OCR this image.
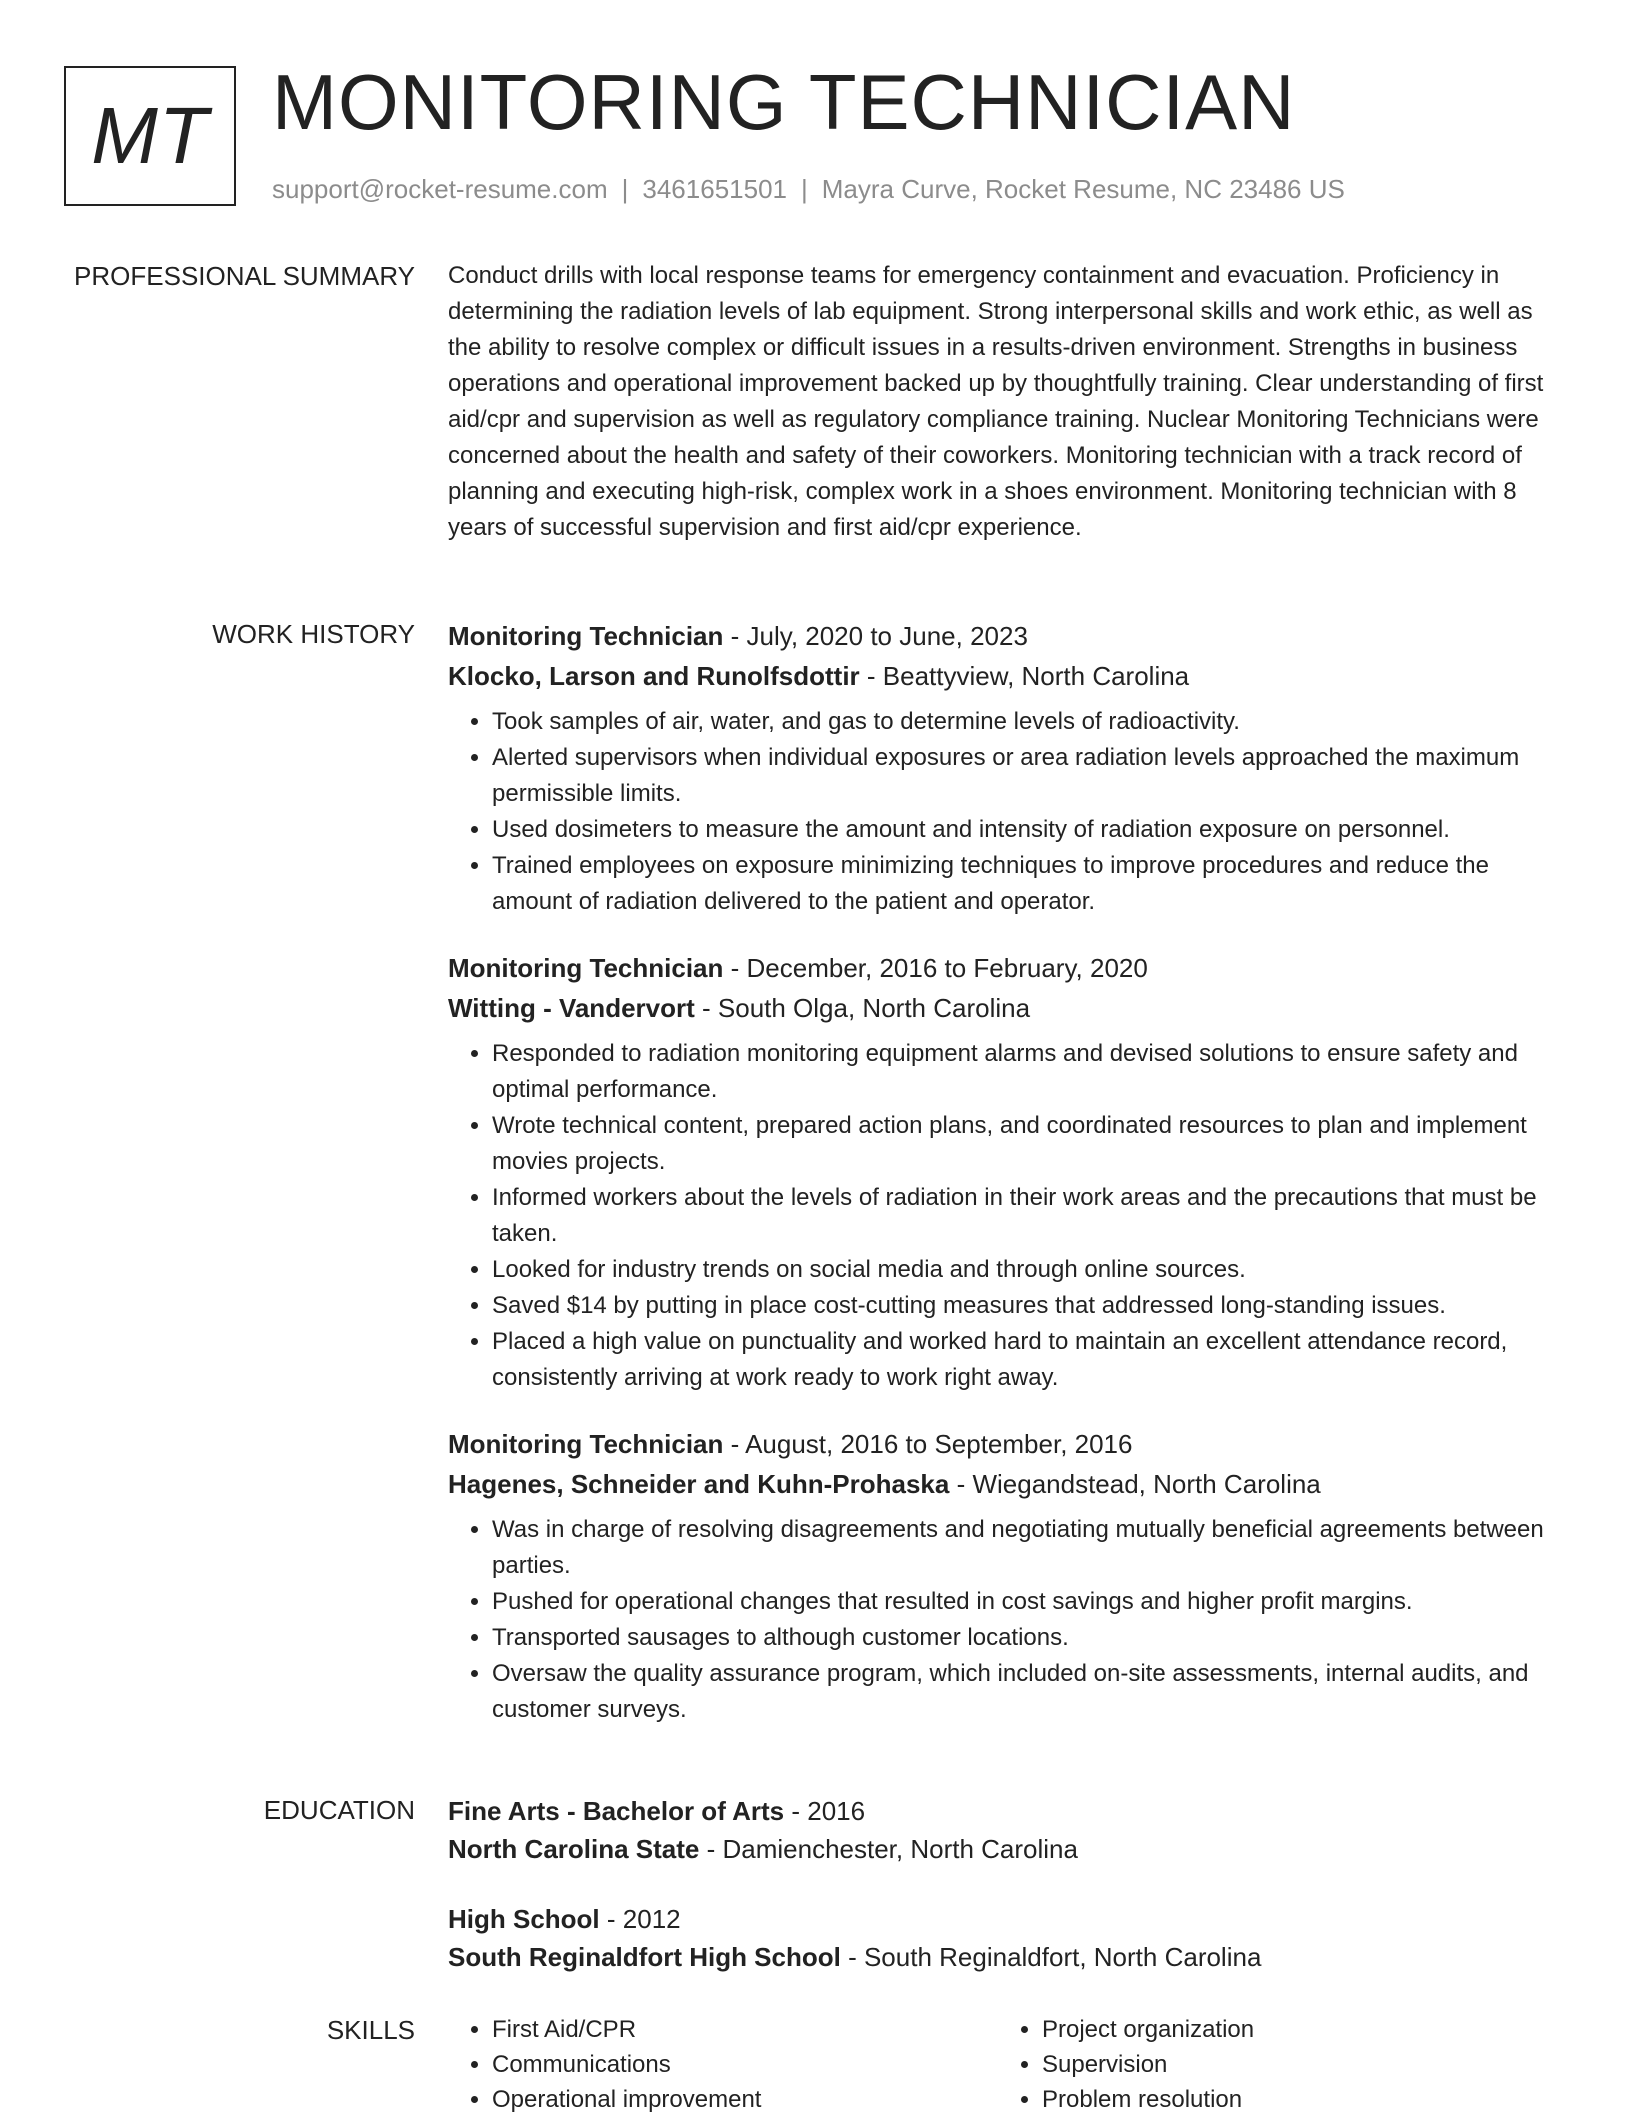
MT MONITORING TECHNICIAN
support@rocket-resume.com | 3461651501 | Mayra Curve, Rocket Resume, NC 23486 US
PROFESSIONAL SUMMARY Conduct drills with local response teams for emergency containment and evacuation. Proficiency in determining the radiation levels of lab equipment. Strong interpersonal skills and work ethic, as well as the ability to resolve complex or difficult issues in a results-driven environment. Strengths in business operations and operational improvement backed up by thoughtfully training. Clear understanding of first aid/cpr and supervision as well as regulatory compliance training. Nuclear Monitoring Technicians were concerned about the health and safety of their coworkers. Monitoring technician with a track record of planning and executing high-risk, complex work in a shoes environment. Monitoring technician with 8 years of successful supervision and first aid/cpr experience.

WORK HISTORY Monitoring Technician - July, 2020 to June, 2023
Klocko, Larson and Runolfsdottir - Beattyview, North Carolina
• Took samples of air, water, and gas to determine levels of radioactivity.
• Alerted supervisors when individual exposures or area radiation levels approached the maximum permissible limits.
• Used dosimeters to measure the amount and intensity of radiation exposure on personnel.
• Trained employees on exposure minimizing techniques to improve procedures and reduce the amount of radiation delivered to the patient and operator.
Monitoring Technician - December, 2016 to February, 2020
Witting - Vandervort - South Olga, North Carolina
• Responded to radiation monitoring equipment alarms and devised solutions to ensure safety and optimal performance.
• Wrote technical content, prepared action plans, and coordinated resources to plan and implement movies projects.
• Informed workers about the levels of radiation in their work areas and the precautions that must be taken.
• Looked for industry trends on social media and through online sources.
• Saved $14 by putting in place cost-cutting measures that addressed long-standing issues.
• Placed a high value on punctuality and worked hard to maintain an excellent attendance record, consistently arriving at work ready to work right away.
Monitoring Technician - August, 2016 to September, 2016
Hagenes, Schneider and Kuhn-Prohaska - Wiegandstead, North Carolina
• Was in charge of resolving disagreements and negotiating mutually beneficial agreements between parties.
• Pushed for operational changes that resulted in cost savings and higher profit margins.
• Transported sausages to although customer locations.
• Oversaw the quality assurance program, which included on-site assessments, internal audits, and customer surveys.
EDUCATION Fine Arts - Bachelor of Arts - 2016
North Carolina State - Damienchester, North Carolina
High School - 2012
South Reginaldfort High School - South Reginaldfort, North Carolina
SKILLS
•	First Aid/CPR
• Communications
• Operational improvement
• Project organization
• Supervision
• Problem resolution
